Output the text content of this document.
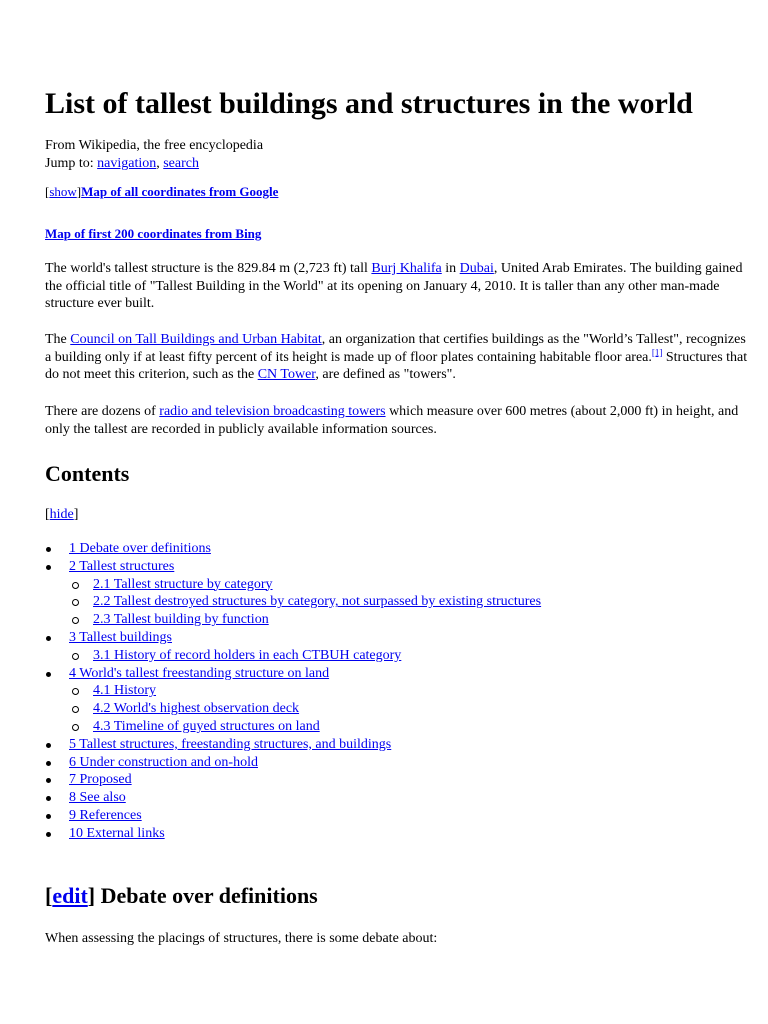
List of tallest buildings and structures in the world
From Wikipedia, the free encyclopedia
Jump to: navigation, search
[show]Map of all coordinates from Google
Map of first 200 coordinates from Bing
The world's tallest structure is the 829.84 m (2,723 ft) tall Burj Khalifa in Dubai, United Arab Emirates. The building gained the official title of "Tallest Building in the World" at its opening on January 4, 2010. It is taller than any other man-made structure ever built.
The Council on Tall Buildings and Urban Habitat, an organization that certifies buildings as the "World’s Tallest", recognizes a building only if at least fifty percent of its height is made up of floor plates containing habitable floor area.[1] Structures that do not meet this criterion, such as the CN Tower, are defined as "towers".
There are dozens of radio and television broadcasting towers which measure over 600 metres (about 2,000 ft) in height, and only the tallest are recorded in publicly available information sources.
Contents
[hide]
1 Debate over definitions
2 Tallest structures
2.1 Tallest structure by category
2.2 Tallest destroyed structures by category, not surpassed by existing structures
2.3 Tallest building by function
3 Tallest buildings
3.1 History of record holders in each CTBUH category
4 World's tallest freestanding structure on land
4.1 History
4.2 World's highest observation deck
4.3 Timeline of guyed structures on land
5 Tallest structures, freestanding structures, and buildings
6 Under construction and on-hold
7 Proposed
8 See also
9 References
10 External links
[edit] Debate over definitions
When assessing the placings of structures, there is some debate about:
